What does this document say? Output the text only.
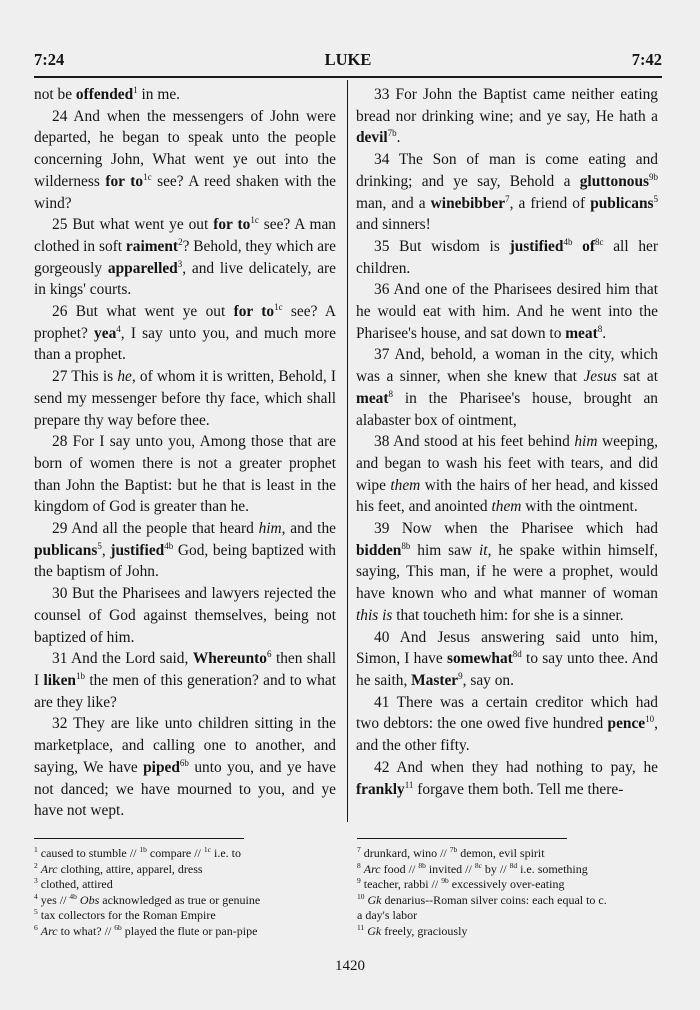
7:24	LUKE	7:42

not be offended$^1$ in me.

24 And when the messengers of John were departed, he began to speak unto the people concerning John, What went ye out into the wilderness for $to^{1c}$ see? A reed shaken with the wind?

25 But what went ye out for $to^{1c}$ see? A man clothed in soft raiment$^2$? Behold, they which are gorgeously apparelled$^3$, and live delicately, are in kings' courts.

26 But what went ye out for $to^{1c}$ see? A prophet? yea$^4$, I say unto you, and much more than a prophet.

27 This is he, of whom it is written, Behold, I send my messenger before thy face, which shall prepare thy way before thee.

28 For I say unto you, Among those that are born of women there is not a greater prophet than John the Baptist: but he that is least in the kingdom of God is greater than he.

29 And all the people that heard him, and the publicans$^5$, justified$^{4b}$ God, being baptized with the baptism of John.

30 But the Pharisees and lawyers rejected the counsel of God against themselves, being not baptized of him.

31 And the Lord said, Whereunto$^6$ then shall I liken$^{1b}$ the men of this generation? and to what are they like?

32 They are like unto children sitting in the marketplace, and calling one to another, and saying, We have piped$^{6b}$ unto you, and ye have not danced; we have mourned to you, and ye have not wept.

33 For John the Baptist came neither eating bread nor drinking wine; and ye say, He hath a devil$^{7b}$.

34 The Son of man is come eating and drinking; and ye say, Behold a gluttonous$^{9b}$ man, and a winebibber$^7$, a friend of publicans$^5$ and sinners!

35 But wisdom is justified$^{4b}$ $of^{8c}$ all her children.

36 And one of the Pharisees desired him that he would eat with him. And he went into the Pharisee's house, and sat down to meat$^8$.

37 And, behold, a woman in the city, which was a sinner, when she knew that Jesus sat at meat$^8$ in the Pharisee's house, brought an alabaster box of ointment,

38 And stood at his feet behind him weeping, and began to wash his feet with tears, and did wipe them with the hairs of her head, and kissed his feet, and anointed them with the ointment.

39 Now when the Pharisee which had bidden$^{8b}$ him saw it, he spake within himself, saying, This man, if he were a prophet, would have known who and what manner of woman this is that toucheth him: for she is a sinner.

40 And Jesus answering said unto him, Simon, I have somewhat$^{8d}$ to say unto thee. And he saith, Master$^9$, say on.

41 There was a certain creditor which had two debtors: the one owed five hundred pence$^{10}$, and the other fifty.

42 And when they had nothing to pay, he frankly$^{11}$ forgave them both. Tell me there-

$^1$ caused to stumble // $^{1b}$ compare // $^{1c}$ i.e. to
$^2$ Arc clothing, attire, apparel, dress
$^3$ clothed, attired
$^4$ yes // $^{4b}$ Obs acknowledged as true or genuine
$^5$ tax collectors for the Roman Empire
$^6$ Arc to what? // $^{6b}$ played the flute or pan-pipe
$^7$ drunkard, wino // $^{7b}$ demon, evil spirit
$^8$ Arc food // $^{8b}$ invited // $^{8c}$ by // $^{8d}$ i.e. something
$^9$ teacher, rabbi // $^{9b}$ excessively over-eating
$^{10}$ Gk denarius--Roman silver coins: each equal to c.
a day's labor
$^{11}$ Gk freely, graciously
1420
